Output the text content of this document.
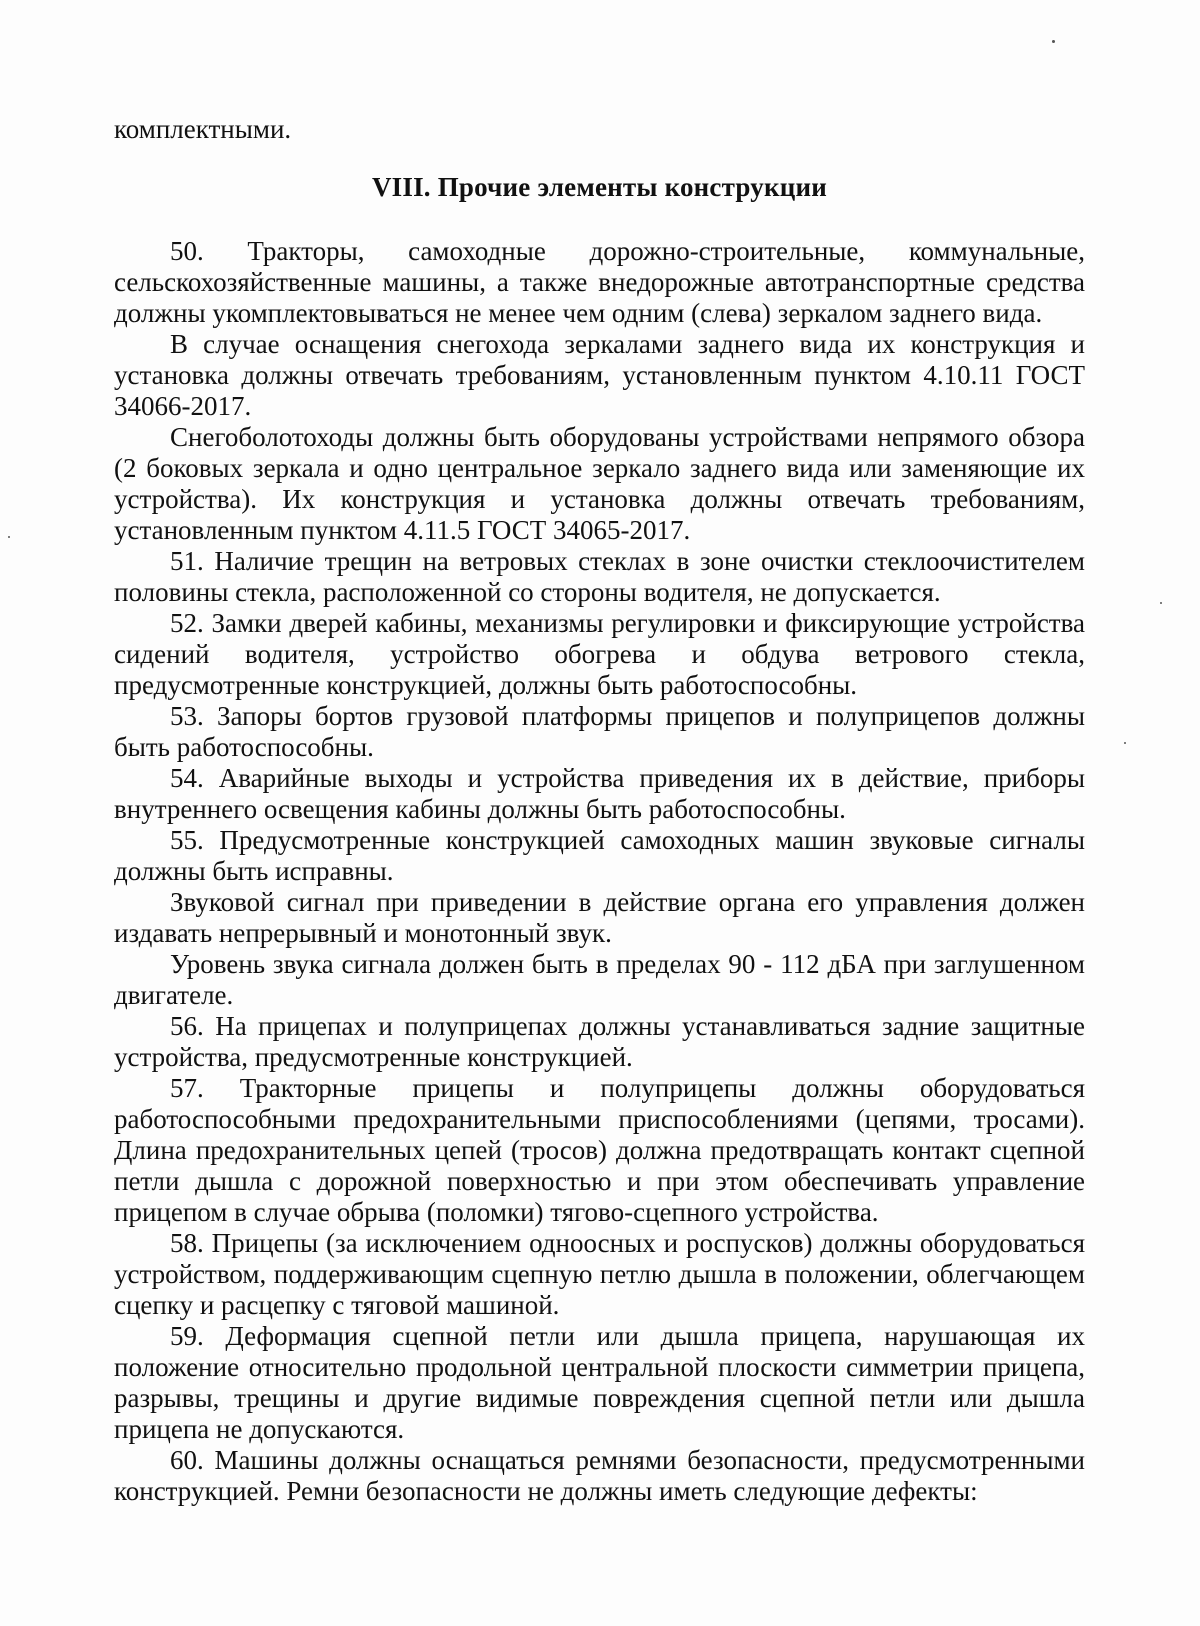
комплектными.

VIII. Прочие элементы конструкции

50. Тракторы, самоходные дорожно-строительные, коммунальные, сельскохозяйственные машины, а также внедорожные автотранспортные средства должны укомплектовываться не менее чем одним (слева) зеркалом заднего вида.

В случае оснащения снегохода зеркалами заднего вида их конструкция и установка должны отвечать требованиям, установленным пунктом 4.10.11 ГОСТ 34066-2017.

Снегоболотоходы должны быть оборудованы устройствами непрямого обзора (2 боковых зеркала и одно центральное зеркало заднего вида или заменяющие их устройства). Их конструкция и установка должны отвечать требованиям, установленным пунктом 4.11.5 ГОСТ 34065-2017.

51. Наличие трещин на ветровых стеклах в зоне очистки стеклоочистителем половины стекла, расположенной со стороны водителя, не допускается.

52. Замки дверей кабины, механизмы регулировки и фиксирующие устройства сидений водителя, устройство обогрева и обдува ветрового стекла, предусмотренные конструкцией, должны быть работоспособны.

53. Запоры бортов грузовой платформы прицепов и полуприцепов должны быть работоспособны.

54. Аварийные выходы и устройства приведения их в действие, приборы внутреннего освещения кабины должны быть работоспособны.

55. Предусмотренные конструкцией самоходных машин звуковые сигналы должны быть исправны.

Звуковой сигнал при приведении в действие органа его управления должен издавать непрерывный и монотонный звук.

Уровень звука сигнала должен быть в пределах 90 - 112 дБА при заглушенном двигателе.

56. На прицепах и полуприцепах должны устанавливаться задние защитные устройства, предусмотренные конструкцией.

57. Тракторные прицепы и полуприцепы должны оборудоваться работоспособными предохранительными приспособлениями (цепями, тросами). Длина предохранительных цепей (тросов) должна предотвращать контакт сцепной петли дышла с дорожной поверхностью и при этом обеспечивать управление прицепом в случае обрыва (поломки) тягово-сцепного устройства.

58. Прицепы (за исключением одноосных и роспусков) должны оборудоваться устройством, поддерживающим сцепную петлю дышла в положении, облегчающем сцепку и расцепку с тяговой машиной.

59. Деформация сцепной петли или дышла прицепа, нарушающая их положение относительно продольной центральной плоскости симметрии прицепа, разрывы, трещины и другие видимые повреждения сцепной петли или дышла прицепа не допускаются.

60. Машины должны оснащаться ремнями безопасности, предусмотренными конструкцией. Ремни безопасности не должны иметь следующие дефекты:
